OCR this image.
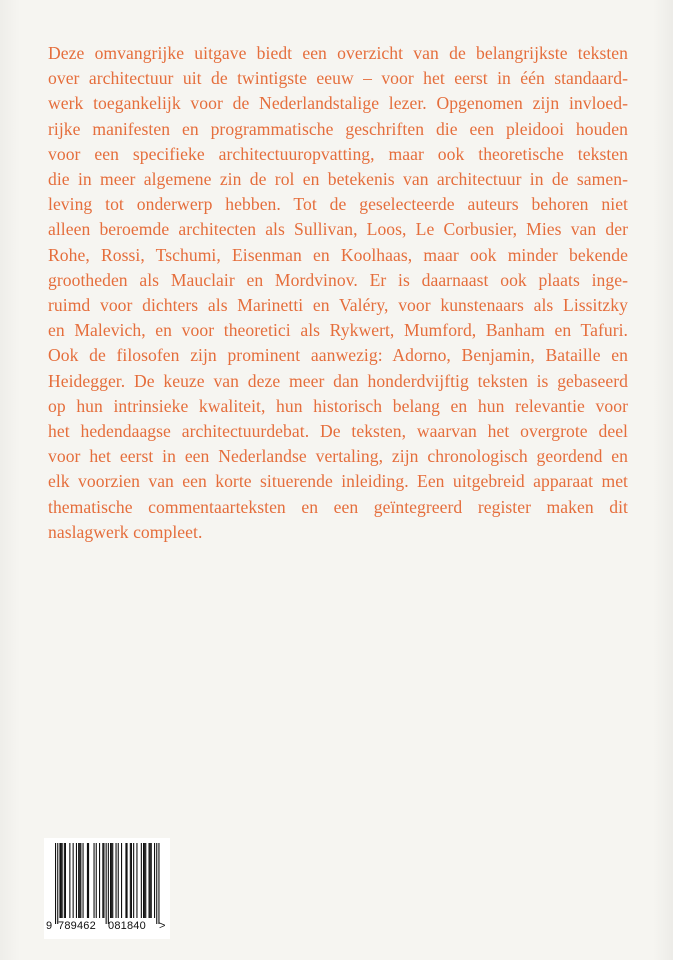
Deze omvangrijke uitgave biedt een overzicht van de belangrijkste teksten
over architectuur uit de twintigste eeuw – voor het eerst in één standaard-
werk toegankelijk voor de Nederlandstalige lezer. Opgenomen zijn invloed-
rijke manifesten en programmatische geschriften die een pleidooi houden
voor een specifieke architectuuropvatting, maar ook theoretische teksten
die in meer algemene zin de rol en betekenis van architectuur in de samen-
leving tot onderwerp hebben. Tot de geselecteerde auteurs behoren niet
alleen beroemde architecten als Sullivan, Loos, Le Corbusier, Mies van der
Rohe, Rossi, Tschumi, Eisenman en Koolhaas, maar ook minder bekende
grootheden als Mauclair en Mordvinov. Er is daarnaast ook plaats inge-
ruimd voor dichters als Marinetti en Valéry, voor kunstenaars als Lissitzky
en Malevich, en voor theoretici als Rykwert, Mumford, Banham en Tafuri.
Ook de filosofen zijn prominent aanwezig: Adorno, Benjamin, Bataille en
Heidegger. De keuze van deze meer dan honderdvijftig teksten is gebaseerd
op hun intrinsieke kwaliteit, hun historisch belang en hun relevantie voor
het hedendaagse architectuurdebat. De teksten, waarvan het overgrote deel
voor het eerst in een Nederlandse vertaling, zijn chronologisch geordend en
elk voorzien van een korte situerende inleiding. Een uitgebreid apparaat met
thematische commentaarteksten en een geïntegreerd register maken dit
naslagwerk compleet.

9 789462 081840 >
